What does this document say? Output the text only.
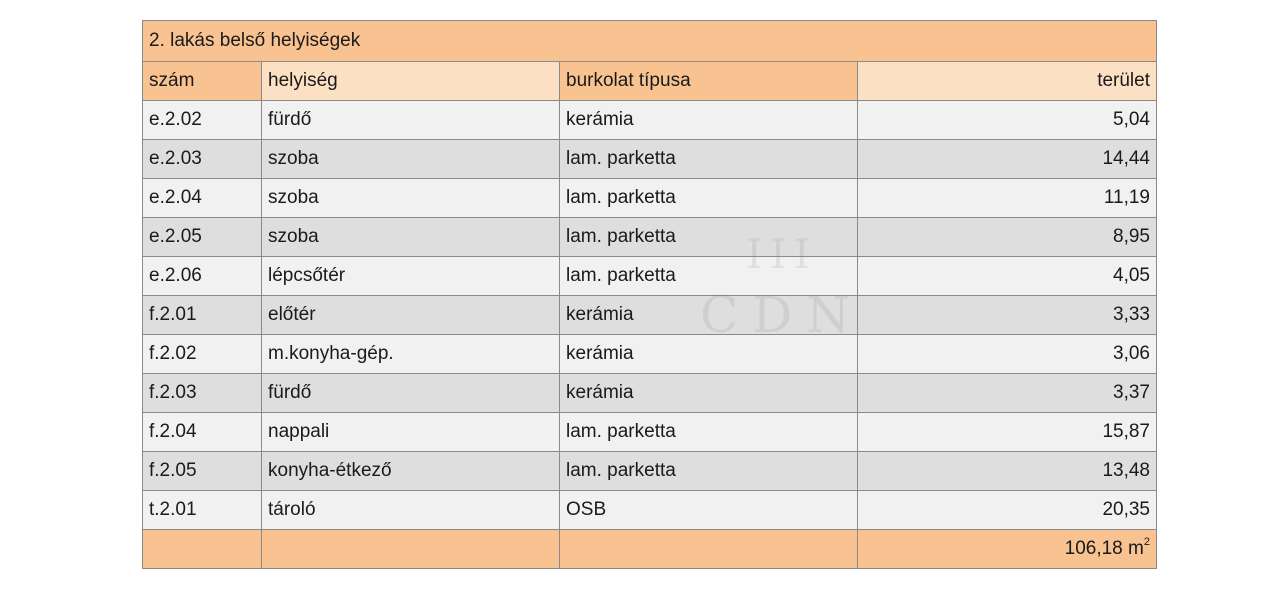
2. lakás belső helyiségek			
szám	helyiség	burkolat típusa	terület
e.2.02	fürdő	kerámia	5,04
e.2.03	szoba	lam. parketta	14,44
e.2.04	szoba	lam. parketta	11,19
e.2.05	szoba	lam. parketta	8,95
e.2.06	lépcsőtér	lam. parketta	4,05
f.2.01	előtér	kerámia	3,33
f.2.02	m.konyha-gép.	kerámia	3,06
f.2.03	fürdő	kerámia	3,37
f.2.04	nappali	lam. parketta	15,87
f.2.05	konyha-étkező	lam. parketta	13,48
t.2.01	tároló	OSB	20,35
			106,18 $m^2$
